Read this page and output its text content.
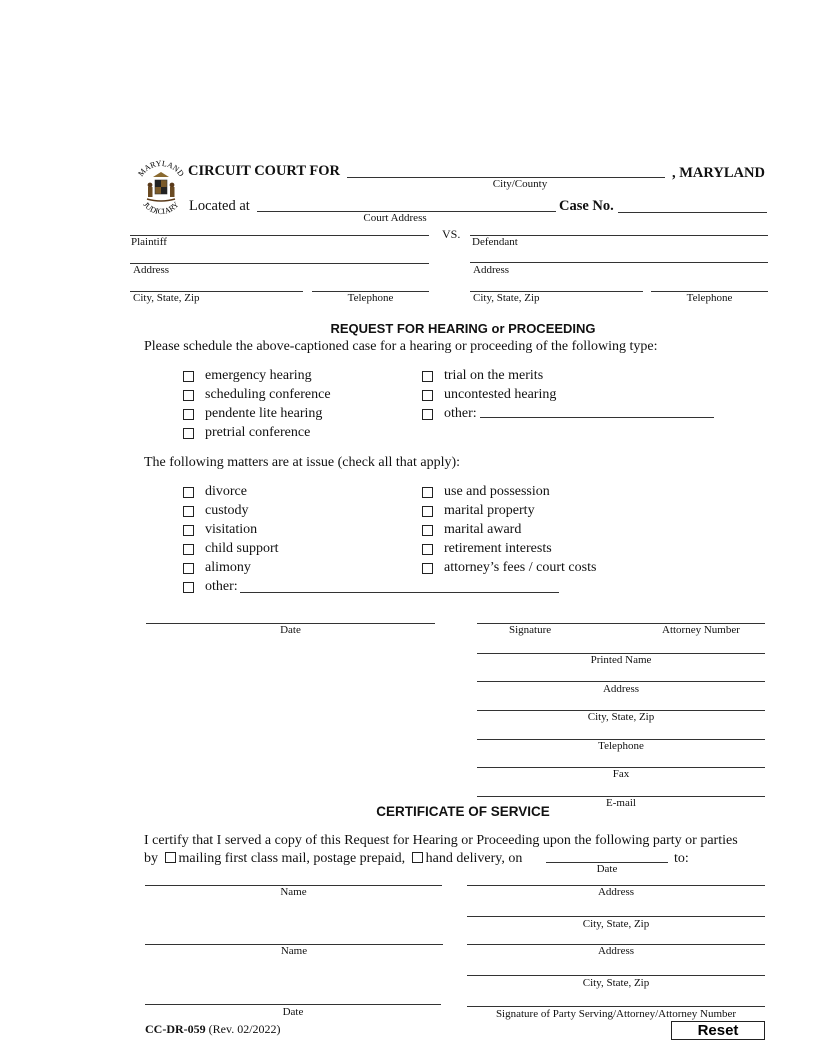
MARYLAND
JUDICIARY
CIRCUIT COURT FOR	, MARYLAND
City/County
Located at
Court Address
Case No.
Plaintiff
VS.
Defendant
Address	Address
City, State, Zip	Telephone	City, State, Zip	Telephone
REQUEST FOR HEARING or PROCEEDING
Please schedule the above-captioned case for a hearing or proceeding of the following type:
emergency hearing
scheduling conference
pendente lite hearing
pretrial conference
trial on the merits
uncontested hearing
other:
The following matters are at issue (check all that apply):
divorce
custody
visitation
child support
alimony
other:
use and possession
marital property
marital award
retirement interests
attorney’s fees / court costs
Date	Signature	Attorney Number
Printed Name
Address
City, State, Zip
Telephone
Fax
E-mail
CERTIFICATE OF SERVICE
I certify that I served a copy of this Request for Hearing or Proceeding upon the following party or parties
by mailing first class mail, postage prepaid, hand delivery, on
Date
to:
Name	Address
City, State, Zip
Name	Address
City, State, Zip
Date	Signature of Party Serving/Attorney/Attorney Number
CC-DR-059 (Rev. 02/2022)	Reset
